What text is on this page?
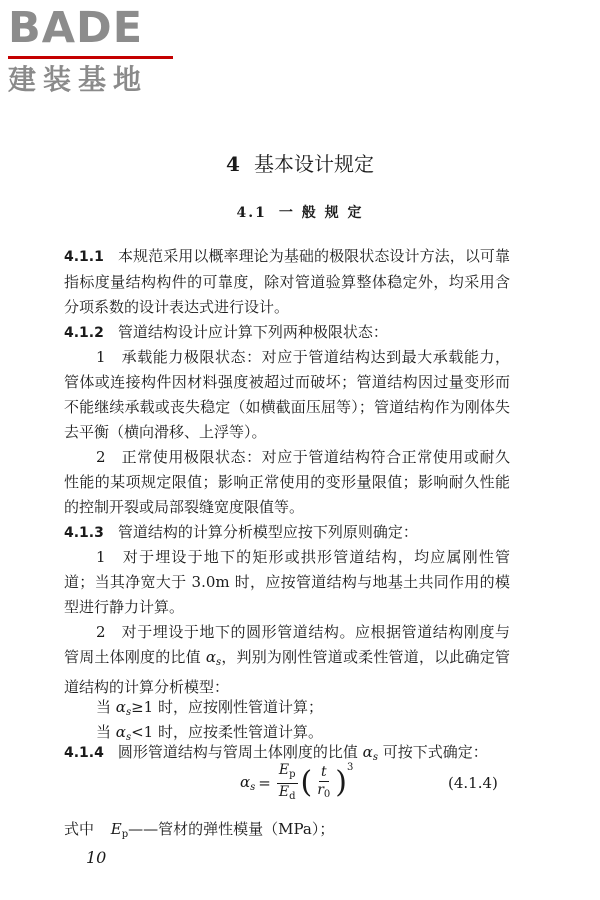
BADE
建装基地
4 基本设计规定
4.1 一 般 规 定
4.1.1 本规范采用以概率理论为基础的极限状态设计方法，以可靠指标度量结构构件的可靠度，除对管道验算整体稳定外，均采用含分项系数的设计表达式进行设计。
4.1.2 管道结构设计应计算下列两种极限状态：
1　承载能力极限状态：对应于管道结构达到最大承载能力，管体或连接构件因材料强度被超过而破坏；管道结构因过量变形而不能继续承载或丧失稳定（如横截面压屈等）；管道结构作为刚体失去平衡（横向滑移、上浮等）。
2　正常使用极限状态：对应于管道结构符合正常使用或耐久性能的某项规定限值；影响正常使用的变形量限值；影响耐久性能的控制开裂或局部裂缝宽度限值等。
4.1.3 管道结构的计算分析模型应按下列原则确定：
1　对于埋设于地下的矩形或拱形管道结构，均应属刚性管道；当其净宽大于 3.0m 时，应按管道结构与地基土共同作用的模型进行静力计算。
2　对于埋设于地下的圆形管道结构。应根据管道结构刚度与管周土体刚度的比值 $\alpha_s$，判别为刚性管道或柔性管道，以此确定管道结构的计算分析模型：
当 $\alpha_s\ge 1$ 时，应按刚性管道计算；
当 $\alpha_s<1$ 时，应按柔性管道计算。
4.1.4 圆形管道结构与管周土体刚度的比值 $\alpha_s$ 可按下式确定：
$\alpha_s = \frac{E_p}{E_d}$ ( $\frac{t}{r_0} )^3$
(4.1.4)
式中 $E_p——$管材的弹性模量（MPa）；
10
